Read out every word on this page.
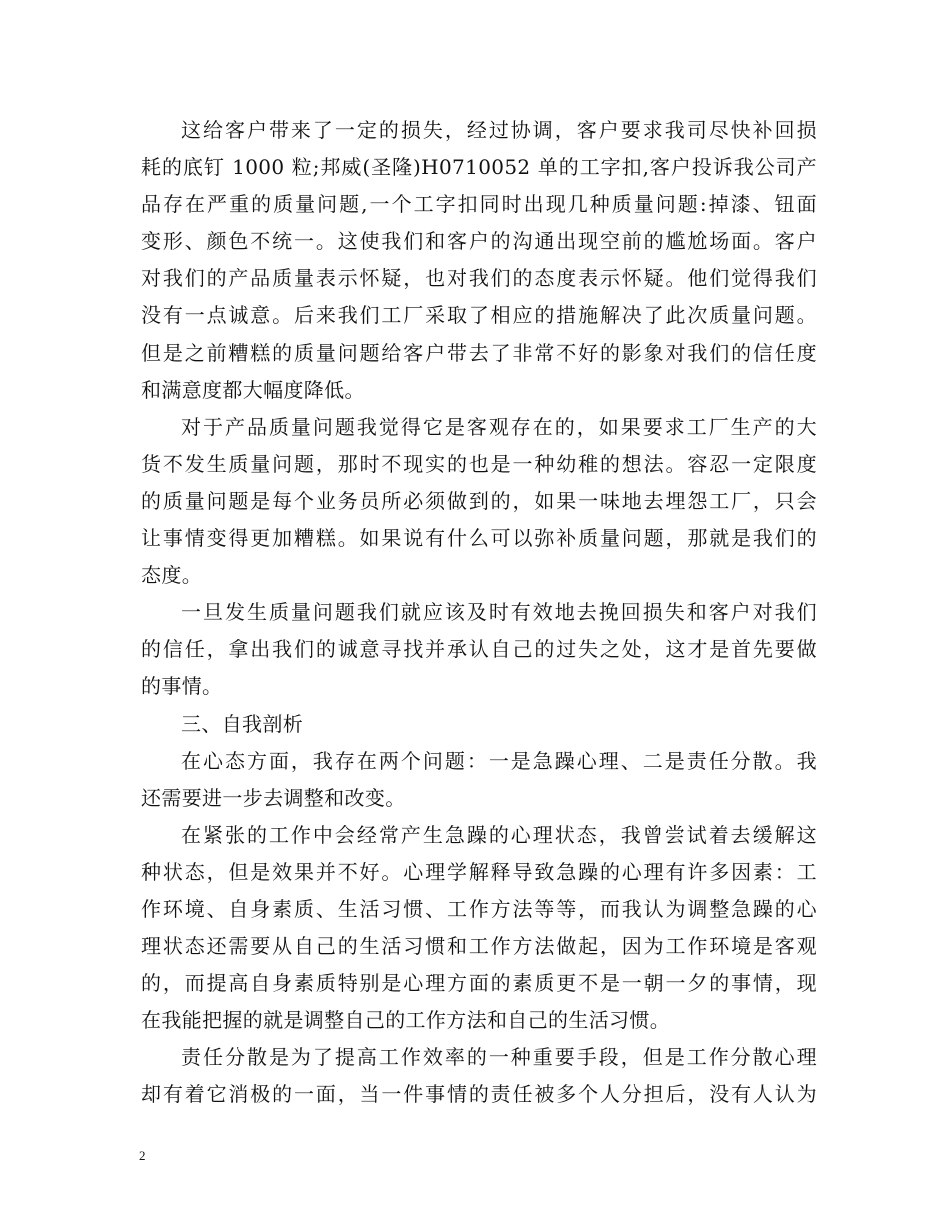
这给客户带来了一定的损失，经过协调，客户要求我司尽快补回损
耗的底钉 1000 粒;邦威(圣隆)H0710052 单的工字扣,客户投诉我公司产
品存在严重的质量问题,一个工字扣同时出现几种质量问题:掉漆、钮面
变形、颜色不统一。这使我们和客户的沟通出现空前的尴尬场面。客户
对我们的产品质量表示怀疑，也对我们的态度表示怀疑。他们觉得我们
没有一点诚意。后来我们工厂采取了相应的措施解决了此次质量问题。
但是之前糟糕的质量问题给客户带去了非常不好的影象对我们的信任度
和满意度都大幅度降低。
对于产品质量问题我觉得它是客观存在的，如果要求工厂生产的大
货不发生质量问题，那时不现实的也是一种幼稚的想法。容忍一定限度
的质量问题是每个业务员所必须做到的，如果一味地去埋怨工厂，只会
让事情变得更加糟糕。如果说有什么可以弥补质量问题，那就是我们的
态度。
一旦发生质量问题我们就应该及时有效地去挽回损失和客户对我们
的信任，拿出我们的诚意寻找并承认自己的过失之处，这才是首先要做
的事情。
三、自我剖析
在心态方面，我存在两个问题：一是急躁心理、二是责任分散。我
还需要进一步去调整和改变。
在紧张的工作中会经常产生急躁的心理状态，我曾尝试着去缓解这
种状态，但是效果并不好。心理学解释导致急躁的心理有许多因素：工
作环境、自身素质、生活习惯、工作方法等等，而我认为调整急躁的心
理状态还需要从自己的生活习惯和工作方法做起，因为工作环境是客观
的，而提高自身素质特别是心理方面的素质更不是一朝一夕的事情，现
在我能把握的就是调整自己的工作方法和自己的生活习惯。
责任分散是为了提高工作效率的一种重要手段，但是工作分散心理
却有着它消极的一面，当一件事情的责任被多个人分担后，没有人认为
2
